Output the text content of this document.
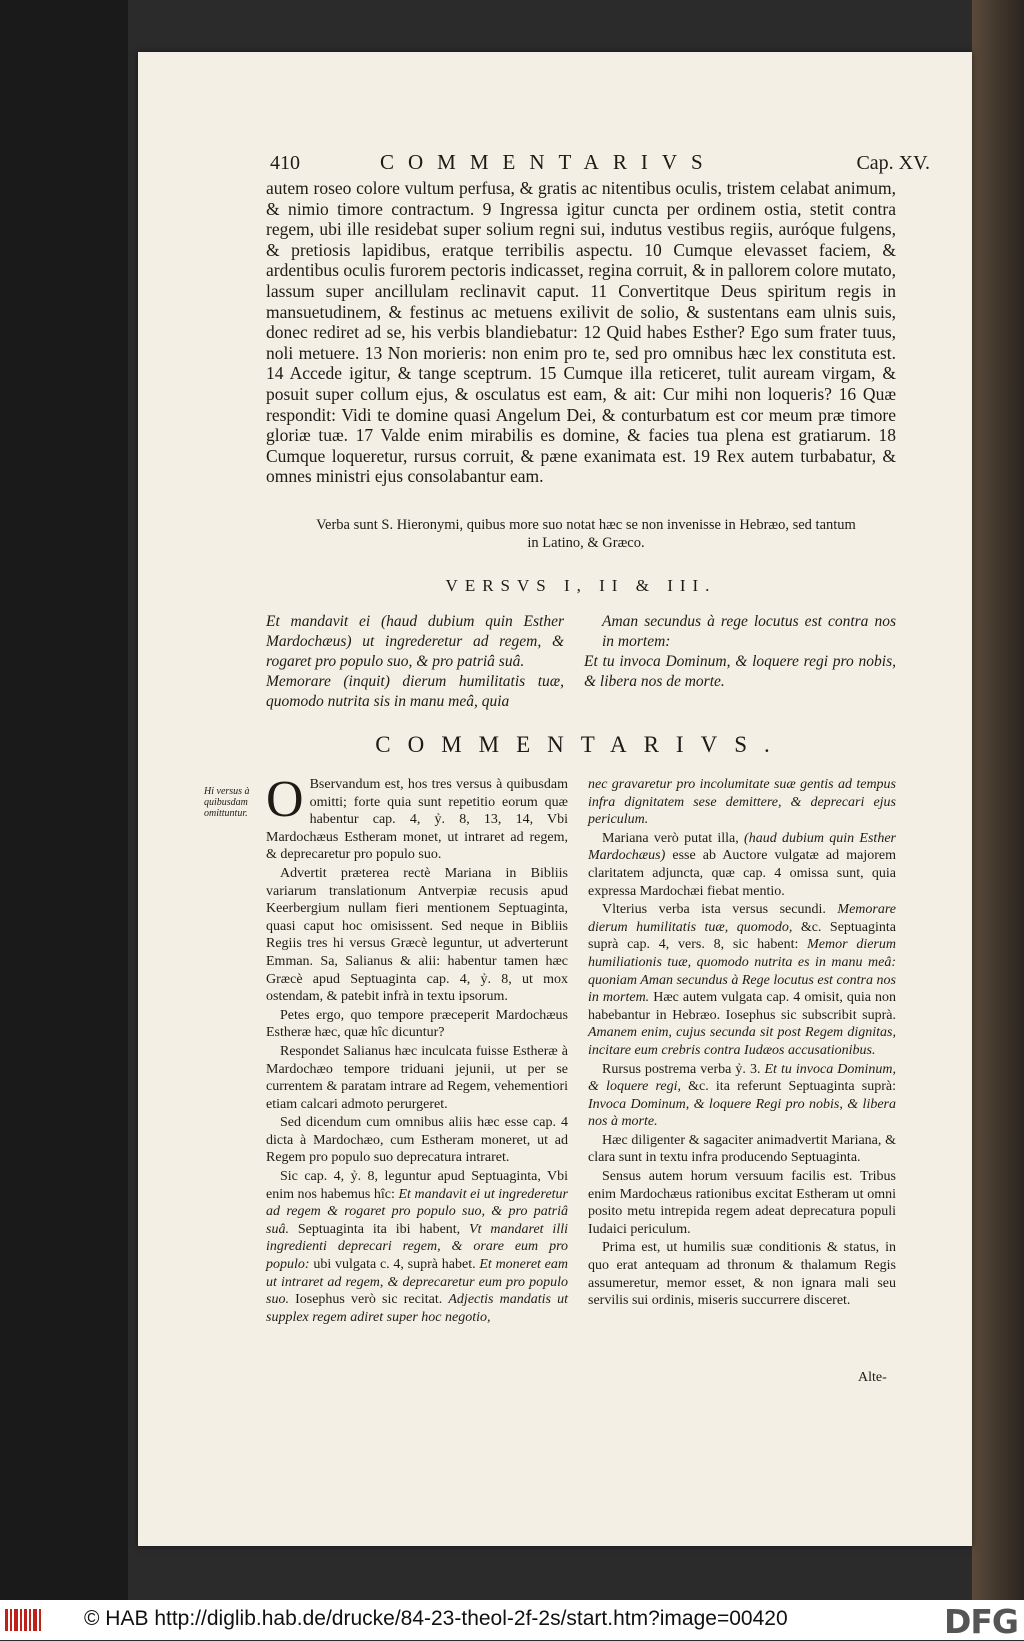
410	COMMENTARIVS	Cap. XV.
autem roseo colore vultum perfusa, & gratis ac nitentibus oculis, tristem celabat animum, & nimio timore contractum. 9 Ingressa igitur cuncta per ordinem ostia, stetit contra regem, ubi ille residebat super solium regni sui, indutus vestibus regiis, auróque fulgens, & pretiosis lapidibus, eratque terribilis aspectu. 10 Cumque elevasset faciem, & ardentibus oculis furorem pectoris indicasset, regina corruit, & in pallorem colore mutato, lassum super ancillulam reclinavit caput. 11 Convertitque Deus spiritum regis in mansuetudinem, & festinus ac metuens exilivit de solio, & sustentans eam ulnis suis, donec rediret ad se, his verbis blandiebatur: 12 Quid habes Esther? Ego sum frater tuus, noli metuere. 13 Non morieris: non enim pro te, sed pro omnibus hæc lex constituta est. 14 Accede igitur, & tange sceptrum. 15 Cumque illa reticeret, tulit auream virgam, & posuit super collum ejus, & osculatus est eam, & ait: Cur mihi non loqueris? 16 Quæ respondit: Vidi te domine quasi Angelum Dei, & conturbatum est cor meum præ timore gloriæ tuæ. 17 Valde enim mirabilis es domine, & facies tua plena est gratiarum. 18 Cumque loqueretur, rursus corruit, & pæne exanimata est. 19 Rex autem turbabatur, & omnes ministri ejus consolabantur eam.
Verba sunt S. Hieronymi, quibus more suo notat hæc se non invenisse in Hebræo, sed tantum in Latino, & Græco.
VERSVS I, II & III.

Et mandavit ei (haud dubium quin Esther Mardochæus) ut ingrederetur ad regem, & rogaret pro populo suo, & pro patriâ suâ.

Memorare (inquit) dierum humilitatis tuæ, quomodo nutrita sis in manu meâ, quia

Aman secundus à rege locutus est contra nos in mortem:

Et tu invoca Dominum, & loquere regi pro nobis, & libera nos de morte.

COMMENTARIVS.
Hi versus à quibusdam omittuntur. O Bservandum est, hos tres versus à quibusdam omitti; forte quia sunt repetitio eorum quæ habentur cap. 4, ỷ. 8, 13, 14, Vbi Mardochæus Estheram monet, ut intraret ad regem, & deprecaretur pro populo suo.

Advertit præterea rectè Mariana in Bibliis variarum translationum Antverpiæ recusis apud Keerbergium nullam fieri mentionem Septuaginta, quasi caput hoc omisissent. Sed neque in Bibliis Regiis tres hi versus Græcè leguntur, ut adverterunt Emman. Sa, Salianus & alii: habentur tamen hæc Græcè apud Septuaginta cap. 4, ỷ. 8, ut mox ostendam, & patebit infrà in textu ipsorum.

Petes ergo, quo tempore præceperit Mardochæus Estheræ hæc, quæ hîc dicuntur?

Respondet Salianus hæc inculcata fuisse Estheræ à Mardochæo tempore triduani jejunii, ut per se currentem & paratam intrare ad Regem, vehementiori etiam calcari admoto perurgeret.

Sed dicendum cum omnibus aliis hæc esse cap. 4 dicta à Mardochæo, cum Estheram moneret, ut ad Regem pro populo suo deprecatura intraret.

Sic cap. 4, ỷ. 8, leguntur apud Septuaginta, Vbi enim nos habemus hîc: Et mandavit ei ut ingrederetur ad regem & rogaret pro populo suo, & pro patriâ suâ. Septuaginta ita ibi habent, Vt mandaret illi ingredienti deprecari regem, & orare eum pro populo: ubi vulgata c. 4, suprà habet. Et moneret eam ut intraret ad regem, & deprecaretur eum pro populo suo. Iosephus verò sic recitat. Adjectis mandatis ut supplex regem adiret super hoc negotio,

nec gravaretur pro incolumitate suæ gentis ad tempus infra dignitatem sese demittere, & deprecari ejus periculum.

Mariana verò putat illa, (haud dubium quin Esther Mardochæus) esse ab Auctore vulgatæ ad majorem claritatem adjuncta, quæ cap. 4 omissa sunt, quia expressa Mardochæi fiebat mentio.

Vlterius verba ista versus secundi. Memorare dierum humilitatis tuæ, quomodo, &c. Septuaginta suprà cap. 4, vers. 8, sic habent: Memor dierum humiliationis tuæ, quomodo nutrita es in manu meâ: quoniam Aman secundus à Rege locutus est contra nos in mortem. Hæc autem vulgata cap. 4 omisit, quia non habebantur in Hebræo. Iosephus sic subscribit suprà. Amanem enim, cujus secunda sit post Regem dignitas, incitare eum crebris contra Iudæos accusationibus.

Rursus postrema verba ỷ. 3. Et tu invoca Dominum, & loquere regi, &c. ita referunt Septuaginta suprà: Invoca Dominum, & loquere Regi pro nobis, & libera nos à morte.

Hæc diligenter & sagaciter animadvertit Mariana, & clara sunt in textu infra producendo Septuaginta.

Sensus autem horum versuum facilis est. Tribus enim Mardochæus rationibus excitat Estheram ut omni posito metu intrepida regem adeat deprecatura populi Iudaici periculum.

Prima est, ut humilis suæ conditionis & status, in quo erat antequam ad thronum & thalamum Regis assumeretur, memor esset, & non ignara mali seu servilis sui ordinis, miseris succurrere disceret.

Alte-
© HAB http://diglib.hab.de/drucke/84-23-theol-2f-2s/start.htm?image=00420	DFG
